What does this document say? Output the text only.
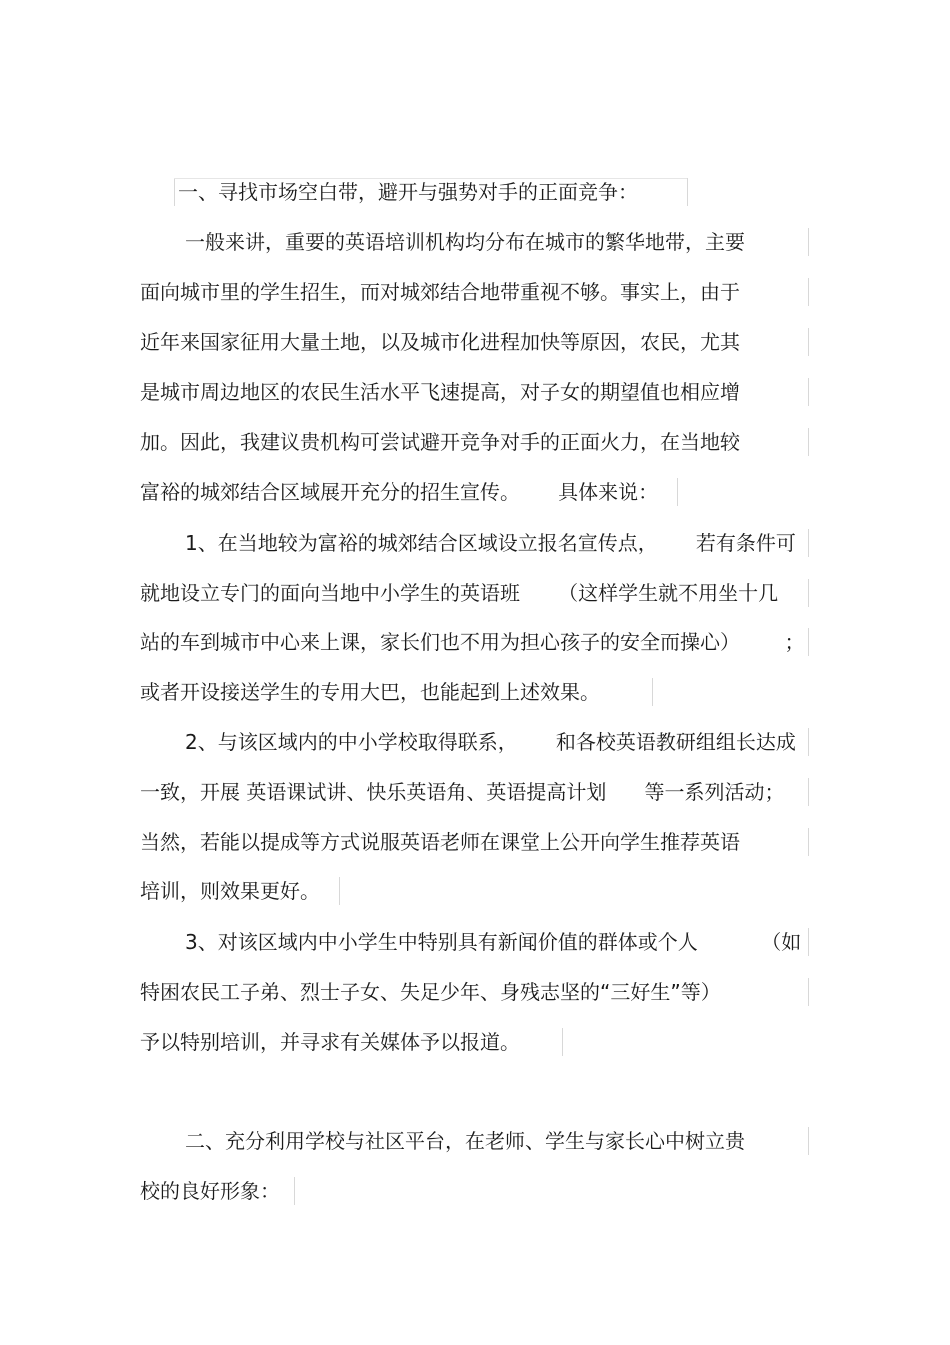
一、寻找市场空白带，避开与强势对手的正面竞争：
一般来讲，重要的英语培训机构均分布在城市的繁华地带，主要
面向城市里的学生招生，而对城郊结合地带重视不够。事实上，由于
近年来国家征用大量土地，以及城市化进程加快等原因，农民，尤其
是城市周边地区的农民生活水平飞速提高，对子女的期望值也相应增
加。因此，我建议贵机构可尝试避开竞争对手的正面火力，在当地较
富裕的城郊结合区域展开充分的招生宣传。      具体来说：
1、在当地较为富裕的城郊结合区域设立报名宣传点，      若有条件可
就地设立专门的面向当地中小学生的英语班      （这样学生就不用坐十几
站的车到城市中心来上课，家长们也不用为担心孩子的安全而操心）       ；
或者开设接送学生的专用大巴，也能起到上述效果。
2、与该区域内的中小学校取得联系，      和各校英语教研组组长达成
一致，开展 英语课试讲、快乐英语角、英语提高计划      等一系列活动；
当然，若能以提成等方式说服英语老师在课堂上公开向学生推荐英语
培训，则效果更好。
3、对该区域内中小学生中特别具有新闻价值的群体或个人          （如
特困农民工子弟、烈士子女、失足少年、身残志坚的“三好生”等）
予以特别培训，并寻求有关媒体予以报道。
二、充分利用学校与社区平台，在老师、学生与家长心中树立贵
校的良好形象：
